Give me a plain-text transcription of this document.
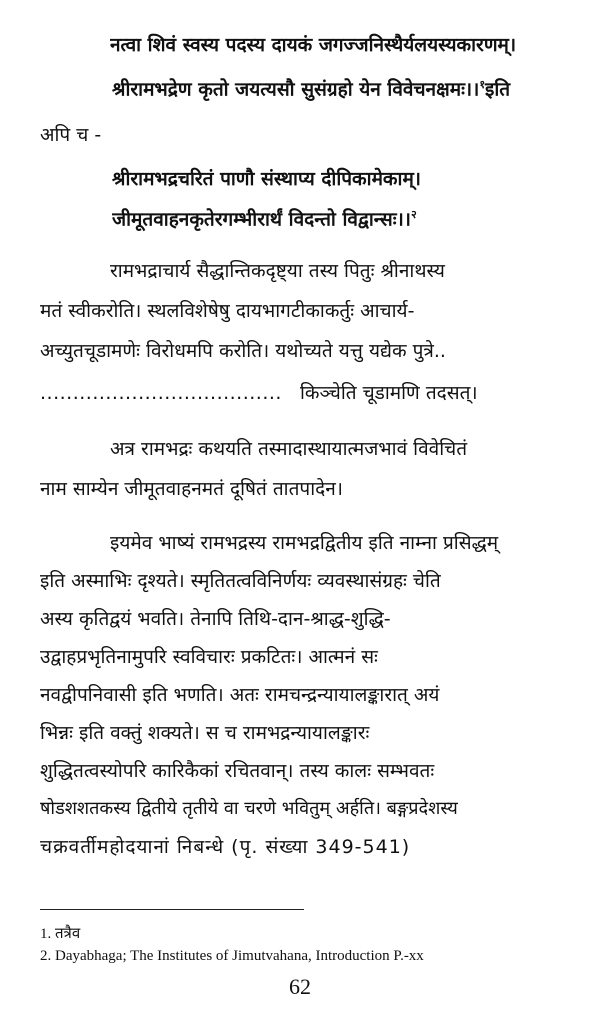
नत्वा शिवं स्वस्य पदस्य दायकं जगज्जनिस्थैर्यलयस्यकारणम्।
श्रीरामभद्रेण कृतो जयत्यसौ सुसंग्रहो येन विवेचनक्षमः।।$^१$इति
अपि च -
श्रीरामभद्रचरितं पाणौ संस्थाप्य दीपिकामेकाम्।
जीमूतवाहनकृतेरगम्भीरार्थं विदन्तो विद्वान्सः।।$^२$
रामभद्राचार्य सैद्धान्तिकदृष्ट्या तस्य पितुः श्रीनाथस्य
मतं स्वीकरोति। स्थलविशेषेषु दायभागटीकाकर्तुः आचार्य-
अच्युतचूडामणेः विरोधमपि करोति। यथोच्यते यत्तु यद्येक पुत्रे..
..................................... किञ्चेति चूडामणि तदसत्।
अत्र रामभद्रः कथयति तस्मादास्थायात्मजभावं विवेचितं
नाम साम्येन जीमूतवाहनमतं दूषितं तातपादेन।
इयमेव भाष्यं रामभद्रस्य रामभद्रद्वितीय इति नाम्ना प्रसिद्धम्
इति अस्माभिः दृश्यते। स्मृतितत्वविनिर्णयः व्यवस्थासंग्रहः चेति
अस्य कृतिद्वयं भवति। तेनापि तिथि-दान-श्राद्ध-शुद्धि-
उद्वाहप्रभृतिनामुपरि स्वविचारः प्रकटितः। आत्मनं सः
नवद्वीपनिवासी इति भणति। अतः रामचन्द्रन्यायालङ्कारात् अयं
भिन्नः इति वक्तुं शक्यते। स च रामभद्रन्यायालङ्कारः
शुद्धितत्वस्योपरि कारिकैकां रचितवान्। तस्य कालः सम्भवतः
षोडशशतकस्य द्वितीये तृतीये वा चरणे भवितुम् अर्हति। बङ्गप्रदेशस्य
चक्रवर्तीमहोदयानां निबन्धे (पृ. संख्या 349-541)
1. तत्रैव
2. Dayabhaga; The Institutes of Jimutvahana, Introduction P.-xx
62
